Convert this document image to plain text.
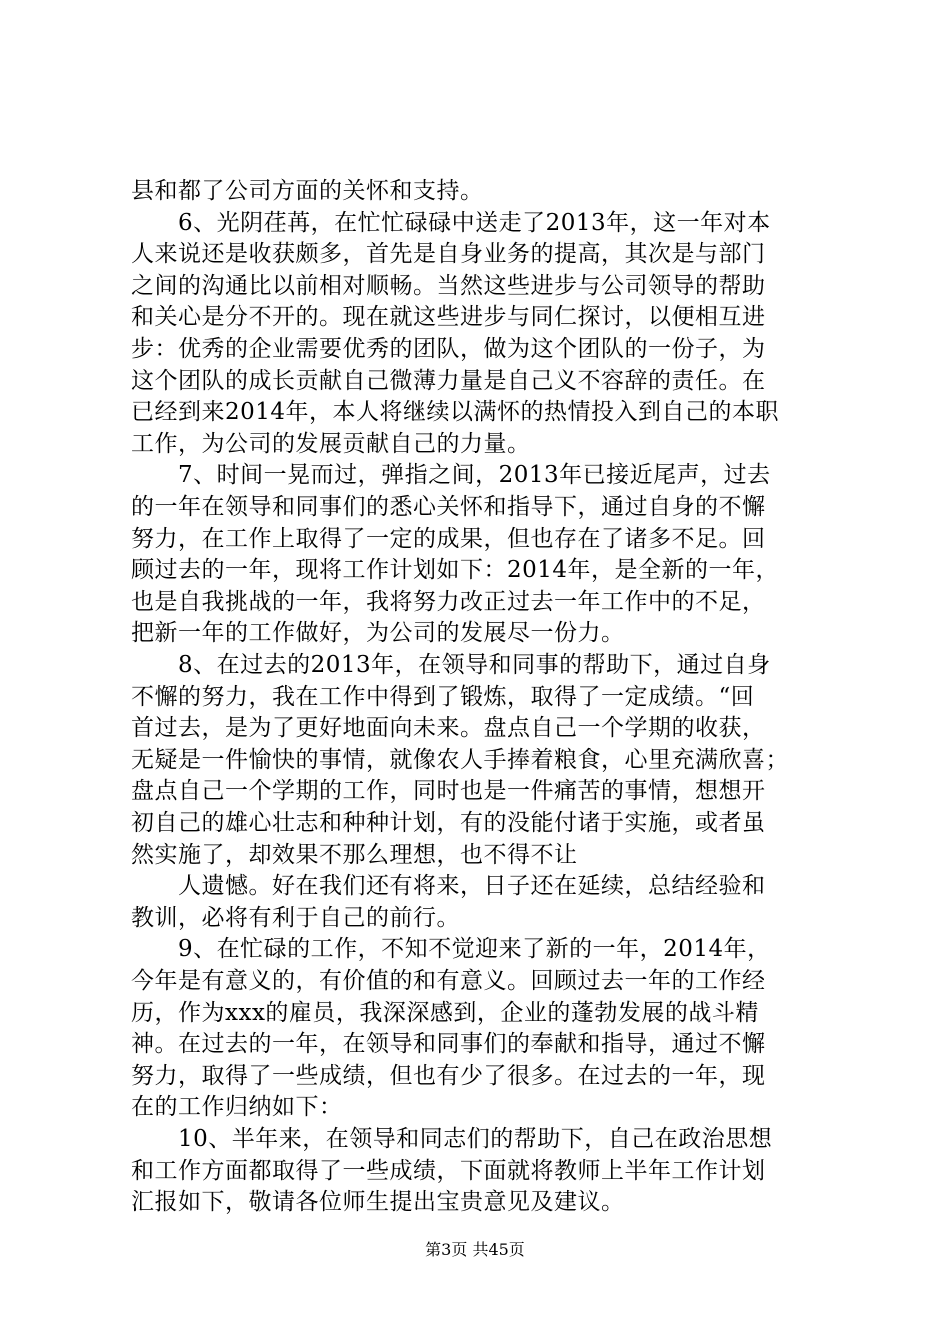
县和都了公司方面的关怀和支持。
6、光阴荏苒，在忙忙碌碌中送走了2013年，这一年对本
人来说还是收获颇多，首先是自身业务的提高，其次是与部门
之间的沟通比以前相对顺畅。当然这些进步与公司领导的帮助
和关心是分不开的。现在就这些进步与同仁探讨，以便相互进
步：优秀的企业需要优秀的团队，做为这个团队的一份子，为
这个团队的成长贡献自己微薄力量是自己义不容辞的责任。在
已经到来2014年，本人将继续以满怀的热情投入到自己的本职
工作，为公司的发展贡献自己的力量。
7、时间一晃而过，弹指之间，2013年已接近尾声，过去
的一年在领导和同事们的悉心关怀和指导下，通过自身的不懈
努力，在工作上取得了一定的成果，但也存在了诸多不足。回
顾过去的一年，现将工作计划如下：2014年，是全新的一年，
也是自我挑战的一年，我将努力改正过去一年工作中的不足，
把新一年的工作做好，为公司的发展尽一份力。
8、在过去的2013年，在领导和同事的帮助下，通过自身
不懈的努力，我在工作中得到了锻炼，取得了一定成绩。“回
首过去，是为了更好地面向未来。盘点自己一个学期的收获，
无疑是一件愉快的事情，就像农人手捧着粮食，心里充满欣喜；
盘点自己一个学期的工作，同时也是一件痛苦的事情，想想开
初自己的雄心壮志和种种计划，有的没能付诸于实施，或者虽
然实施了，却效果不那么理想，也不得不让
人遗憾。好在我们还有将来，日子还在延续，总结经验和
教训，必将有利于自己的前行。
9、在忙碌的工作，不知不觉迎来了新的一年，2014年，
今年是有意义的，有价值的和有意义。回顾过去一年的工作经
历，作为xxx的雇员，我深深感到，企业的蓬勃发展的战斗精
神。在过去的一年，在领导和同事们的奉献和指导，通过不懈
努力，取得了一些成绩，但也有少了很多。在过去的一年，现
在的工作归纳如下：
10、半年来，在领导和同志们的帮助下，自己在政治思想
和工作方面都取得了一些成绩，下面就将教师上半年工作计划
汇报如下，敬请各位师生提出宝贵意见及建议。
第3页 共45页
